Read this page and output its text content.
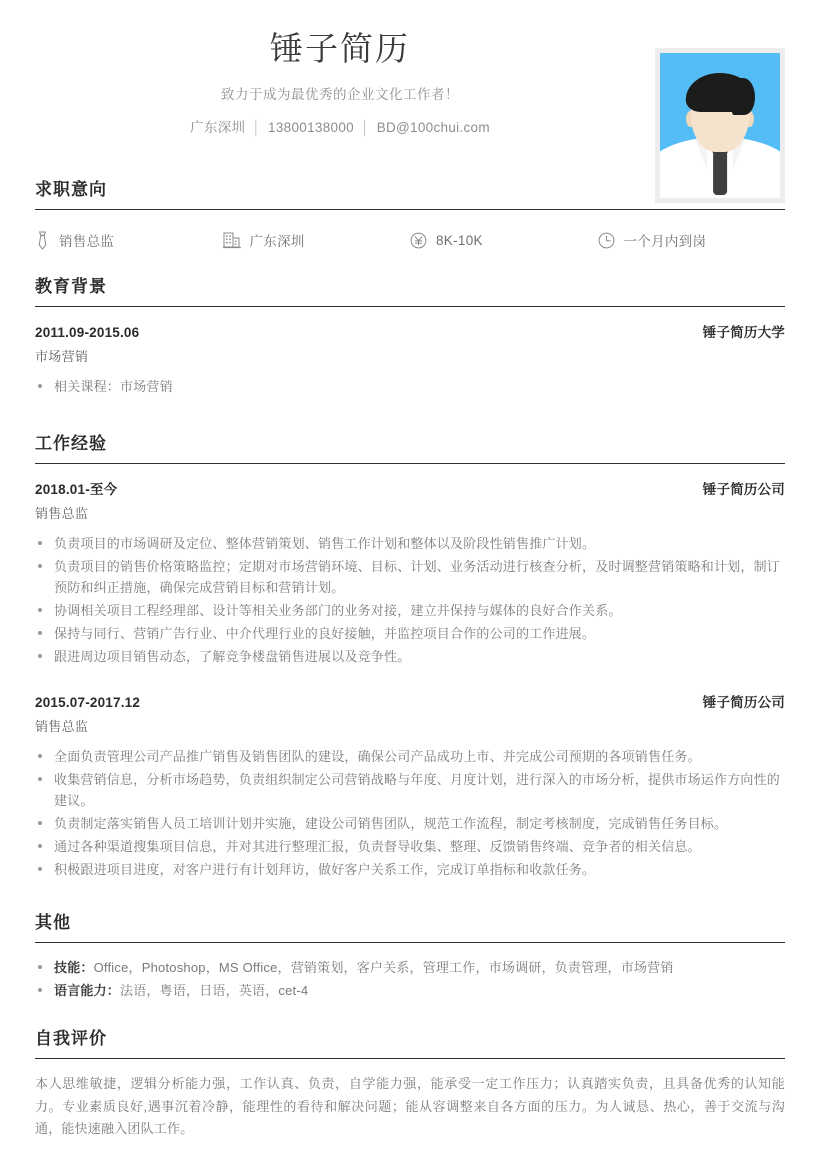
锤子简历

致力于成为最优秀的企业文化工作者！

广东深圳 │ 13800138000 │ BD@100chui.com
求职意向
销售总监	广东深圳	8K-10K	一个月内到岗
教育背景
2011.09-2015.06	锤子简历大学
市场营销
相关课程：市场营销
工作经验
2018.01-至今	锤子简历公司
销售总监
负责项目的市场调研及定位、整体营销策划、销售工作计划和整体以及阶段性销售推广计划。
负责项目的销售价格策略监控；定期对市场营销环境、目标、计划、业务活动进行核查分析，及时调整营销策略和计划，制订预防和纠正措施，确保完成营销目标和营销计划。
协调相关项目工程经理部、设计等相关业务部门的业务对接，建立并保持与媒体的良好合作关系。
保持与同行、营销广告行业、中介代理行业的良好接触，并监控项目合作的公司的工作进展。
跟进周边项目销售动态，了解竞争楼盘销售进展以及竞争性。
2015.07-2017.12	锤子简历公司
销售总监
全面负责管理公司产品推广销售及销售团队的建设，确保公司产品成功上市、并完成公司预期的各项销售任务。
收集营销信息，分析市场趋势，负责组织制定公司营销战略与年度、月度计划，进行深入的市场分析，提供市场运作方向性的建议。
负责制定落实销售人员工培训计划并实施，建设公司销售团队，规范工作流程，制定考核制度，完成销售任务目标。
通过各种渠道搜集项目信息，并对其进行整理汇报，负责督导收集、整理、反馈销售终端、竞争者的相关信息。
积极跟进项目进度，对客户进行有计划拜访，做好客户关系工作，完成订单指标和收款任务。
其他
技能：Office，Photoshop，MS Office，营销策划，客户关系，管理工作，市场调研，负责管理，市场营销
语言能力：法语，粤语，日语，英语，cet-4
自我评价

本人思维敏捷，逻辑分析能力强，工作认真、负责，自学能力强，能承受一定工作压力；认真踏实负责，且具备优秀的认知能力。专业素质良好,遇事沉着冷静，能理性的看待和解决问题；能从容调整来自各方面的压力。为人诚恳、热心，善于交流与沟通，能快速融入团队工作。
